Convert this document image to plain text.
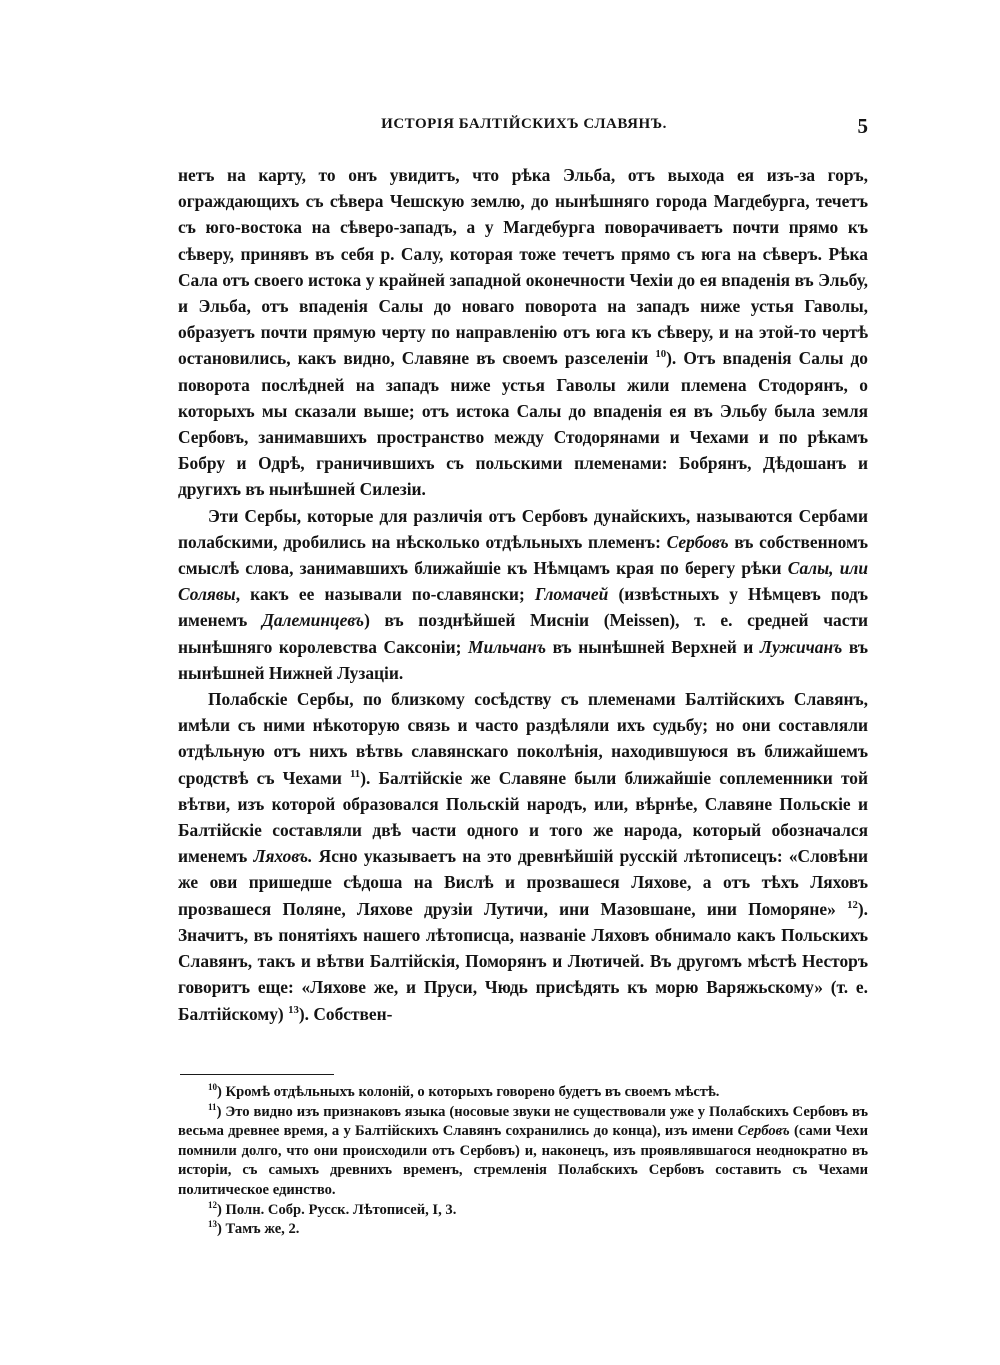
ИСТОРІЯ БАЛТІЙСКИХЪ СЛАВЯНЪ.	5

нетъ на карту, то онъ увидитъ, что рѣка Эльба, отъ выхода ея изъ-за горъ, ограждающихъ съ сѣвера Чешскую землю, до нынѣшняго города Магдебурга, течетъ съ юго-востока на сѣверо-западъ, а у Магдебурга поворачиваетъ почти прямо къ сѣверу, принявъ въ себя р. Салу, которая тоже течетъ прямо съ юга на сѣверъ. Рѣка Сала отъ своего истока у крайней западной оконечности Чехіи до ея впаденія въ Эльбу, и Эльба, отъ впаденія Салы до новаго поворота на западъ ниже устья Гаволы, образуетъ почти прямую черту по направленію отъ юга къ сѣверу, и на этой-то чертѣ остановились, какъ видно, Славяне въ своемъ разселеніи $^{10}$). Отъ впаденія Салы до поворота послѣдней на западъ ниже устья Гаволы жили племена Стодорянъ, о которыхъ мы сказали выше; отъ истока Салы до впаденія ея въ Эльбу была земля Сербовъ, занимавшихъ пространство между Стодорянами и Чехами и по рѣкамъ Бобру и Одрѣ, граничившихъ съ польскими племенами: Бобрянъ, Дѣдошанъ и другихъ въ нынѣшней Силезіи.

Эти Сербы, которые для различія отъ Сербовъ дунайскихъ, называются Сербами полабскими, дробились на нѣсколько отдѣльныхъ племенъ: Сербовъ въ собственномъ смыслѣ слова, занимавшихъ ближайшіе къ Нѣмцамъ края по берегу рѣки Салы, или Солявы, какъ ее называли по-славянски; Гломачей (извѣстныхъ у Нѣмцевъ подъ именемъ Далеминцевъ) въ позднѣйшей Мисніи (Meissen), т. е. средней части нынѣшняго королевства Саксоніи; Мильчанъ въ нынѣшней Верхней и Лужичанъ въ нынѣшней Нижней Лузаціи.

Полабскіе Сербы, по близкому сосѣдству съ племенами Балтійскихъ Славянъ, имѣли съ ними нѣкоторую связь и часто раздѣляли ихъ судьбу; но они составляли отдѣльную отъ нихъ вѣтвь славянскаго поколѣнія, находившуюся въ ближайшемъ сродствѣ съ Чехами $^{11}$). Балтійскіе же Славяне были ближайшіе соплеменники той вѣтви, изъ которой образовался Польскій народъ, или, вѣрнѣе, Славяне Польскіе и Балтійскіе составляли двѣ части одного и того же народа, который обозначался именемъ Ляховъ. Ясно указываетъ на это древнѣйшій русскій лѣтописецъ: «Словѣни же ови пришедше сѣдоша на Вислѣ и прозвашеся Ляхове, а отъ тѣхъ Ляховъ прозвашеся Поляне, Ляхове друзіи Лутичи, ини Мазовшане, ини Поморяне» $^{12}$). Значитъ, въ понятіяхъ нашего лѣтописца, названіе Ляховъ обнимало какъ Польскихъ Славянъ, такъ и вѣтви Балтійскія, Поморянъ и Лютичей. Въ другомъ мѣстѣ Несторъ говоритъ еще: «Ляхове же, и Пруси, Чюдь присѣдять къ морю Варяжьскому» (т. е. Балтійскому) $^{13}$). Собствен-

$^{10}$) Кромѣ отдѣльныхъ колоній, о которыхъ говорено будетъ въ своемъ мѣстѣ.

$^{11}$) Это видно изъ признаковъ языка (носовые звуки не существовали уже у Полабскихъ Сербовъ въ весьма древнее время, а у Балтійскихъ Славянъ сохранились до конца), изъ имени Сербовъ (сами Чехи помнили долго, что они происходили отъ Сербовъ) и, наконецъ, изъ проявлявшагося неоднократно въ исторіи, съ самыхъ древнихъ временъ, стремленія Полабскихъ Сербовъ составить съ Чехами политическое единство.

$^{12}$) Полн. Собр. Русск. Лѣтописей, I, 3.

$^{13}$) Тамъ же, 2.
